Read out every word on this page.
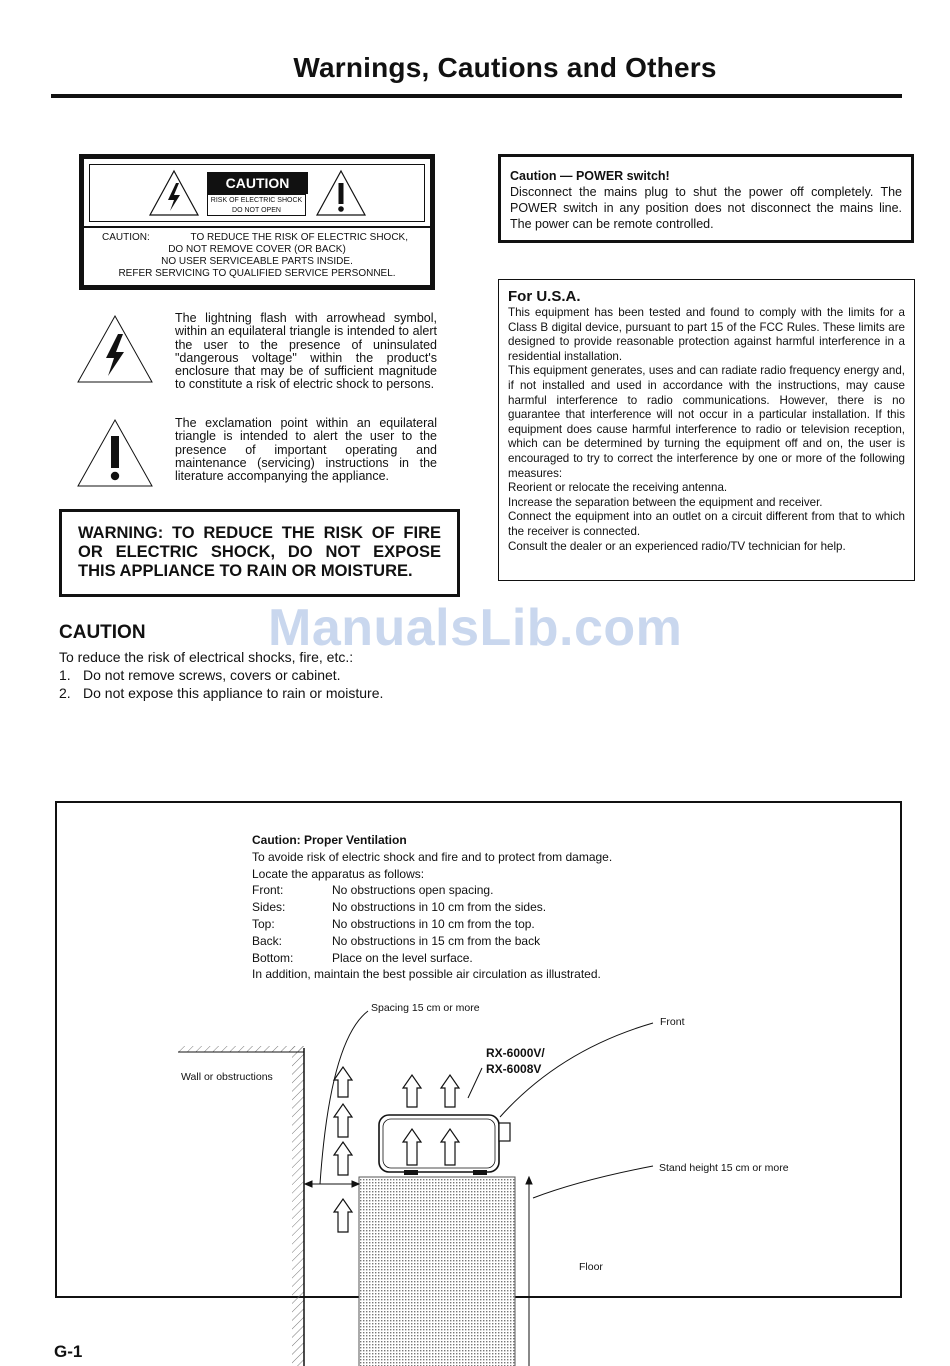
Warnings, Cautions and Others
CAUTION
RISK OF ELECTRIC SHOCK
DO NOT OPEN
CAUTION:	TO REDUCE THE RISK OF ELECTRIC SHOCK,
DO NOT REMOVE COVER (OR BACK)
NO USER SERVICEABLE PARTS INSIDE.
REFER SERVICING TO QUALIFIED SERVICE PERSONNEL.
The lightning flash with arrowhead symbol, within an equilateral triangle is intended to alert the user to the presence of uninsulated "dangerous voltage" within the product's enclosure that may be of sufficient magnitude to constitute a risk of electric shock to persons.
The exclamation point within an equilateral triangle is intended to alert the user to the presence of important operating and maintenance (servicing) instructions in the literature accompanying the appliance.
WARNING: TO REDUCE THE RISK OF FIRE OR ELECTRIC SHOCK, DO NOT EXPOSE THIS APPLIANCE TO RAIN OR MOISTURE.
ManualsLib.com
CAUTION
To reduce the risk of electrical shocks, fire, etc.:
1. Do not remove screws, covers or cabinet.
2. Do not expose this appliance to rain or moisture.
Caution — POWER switch!
Disconnect the mains plug to shut the power off completely. The POWER switch in any position does not disconnect the mains line. The power can be remote controlled.
For U.S.A.
This equipment has been tested and found to comply with the limits for a Class B digital device, pursuant to part 15 of the FCC Rules. These limits are designed to provide reasonable protection against harmful interference in a residential installation.
This equipment generates, uses and can radiate radio frequency energy and, if not installed and used in accordance with the instructions, may cause harmful interference to radio communications. However, there is no guarantee that interference will not occur in a particular installation. If this equipment does cause harmful interference to radio or television reception, which can be determined by turning the equipment off and on, the user is encouraged to try to correct the interference by one or more of the following measures:
Reorient or relocate the receiving antenna.
Increase the separation between the equipment and receiver.
Connect the equipment into an outlet on a circuit different from that to which the receiver is connected.
Consult the dealer or an experienced radio/TV technician for help.
Caution: Proper Ventilation
To avoide risk of electric shock and fire and to protect from damage.
Locate the apparatus as follows:
Front:	No obstructions open spacing.
Sides:	No obstructions in 10 cm from the sides.
Top:	No obstructions in 10 cm from the top.
Back:	No obstructions in 15 cm from the back
Bottom:	Place on the level surface.
In addition, maintain the best possible air circulation as illustrated.
Spacing 15 cm or more
Front
RX-6000V/
RX-6008V
Wall or obstructions
Stand height 15 cm or more
Floor
G-1
